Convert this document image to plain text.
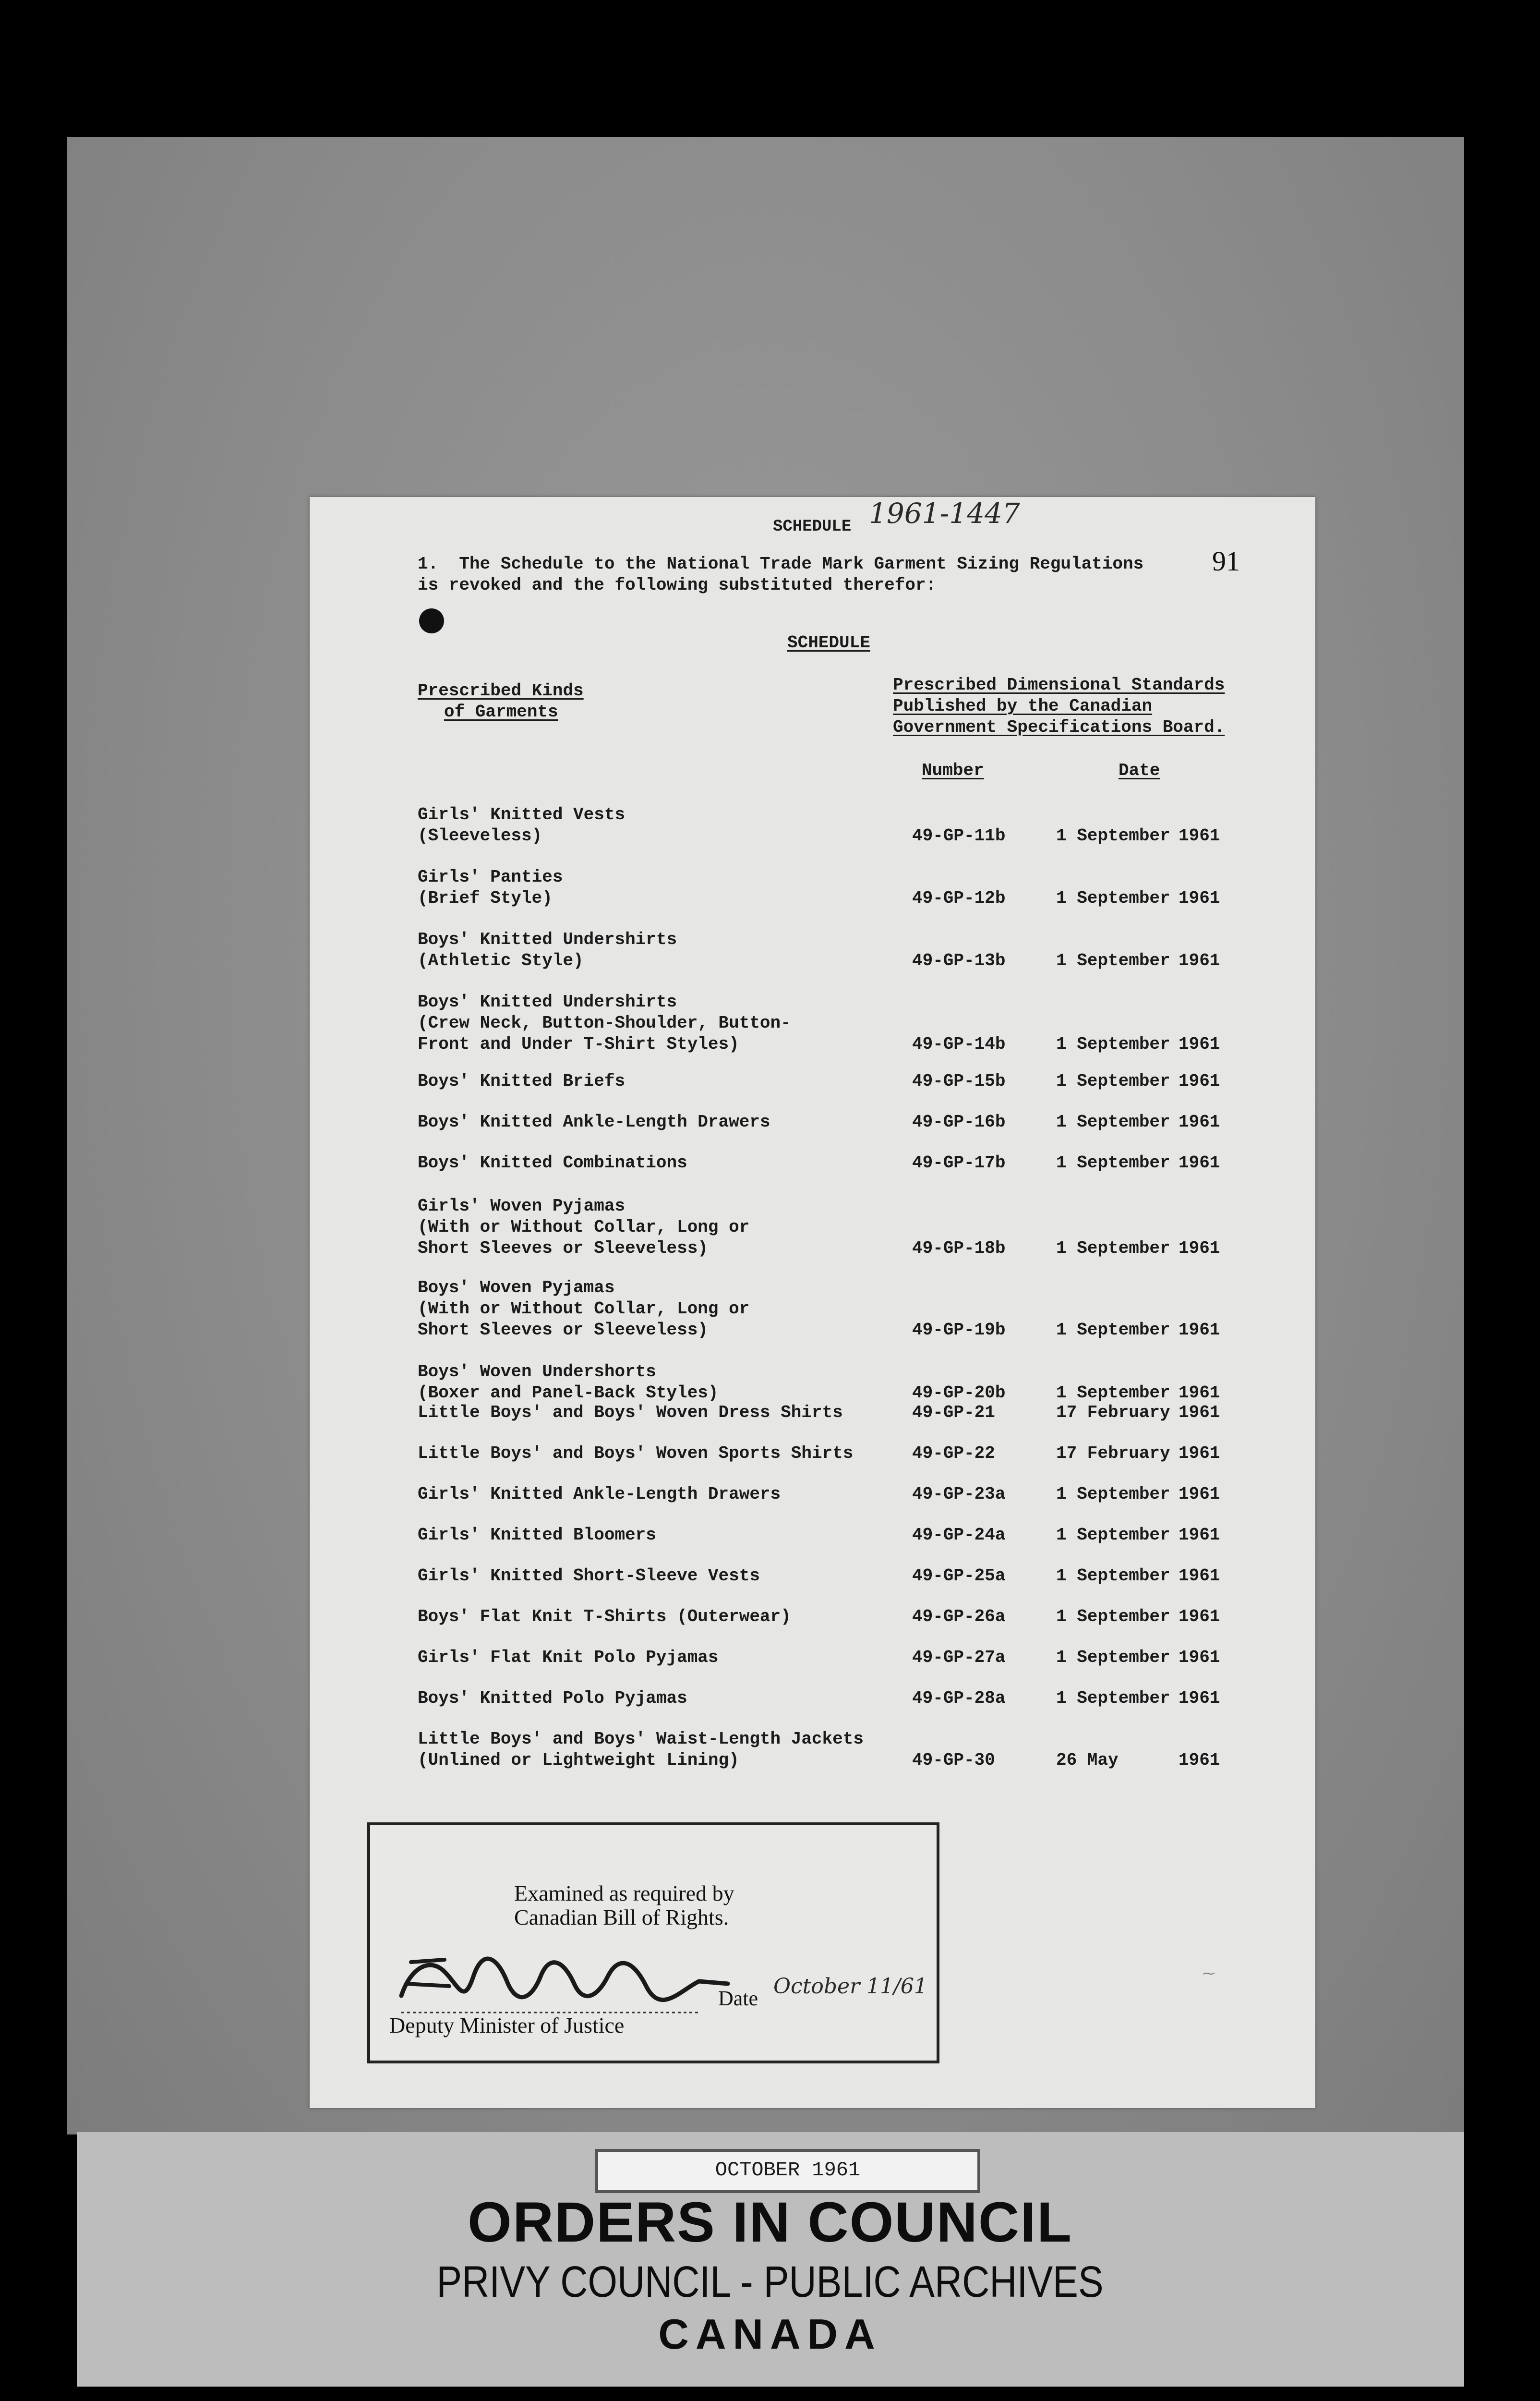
SCHEDULE 1961-1447
91
1.  The Schedule to the National Trade Mark Garment Sizing Regulations
is revoked and the following substituted therefor:
SCHEDULE
Prescribed Kinds
of Garments
Prescribed Dimensional Standards
Published by the Canadian
Government Specifications Board.
Number	Date
Girls' Knitted Vests
(Sleeveless)	49-GP-11b	1 September 1961
Girls' Panties
(Brief Style)	49-GP-12b	1 September 1961
Boys' Knitted Undershirts
(Athletic Style)	49-GP-13b	1 September 1961
Boys' Knitted Undershirts
(Crew Neck, Button-Shoulder, Button-
Front and Under T-Shirt Styles)	49-GP-14b	1 September 1961
Boys' Knitted Briefs	49-GP-15b	1 September 1961
Boys' Knitted Ankle-Length Drawers	49-GP-16b	1 September 1961
Boys' Knitted Combinations	49-GP-17b	1 September 1961
Girls' Woven Pyjamas
(With or Without Collar, Long or
Short Sleeves or Sleeveless)	49-GP-18b	1 September 1961
Boys' Woven Pyjamas
(With or Without Collar, Long or
Short Sleeves or Sleeveless)	49-GP-19b	1 September 1961
Boys' Woven Undershorts
(Boxer and Panel-Back Styles)	49-GP-20b	1 September 1961
Little Boys' and Boys' Woven Dress Shirts	49-GP-21	17 February 1961
Little Boys' and Boys' Woven Sports Shirts	49-GP-22	17 February 1961
Girls' Knitted Ankle-Length Drawers	49-GP-23a	1 September 1961
Girls' Knitted Bloomers	49-GP-24a	1 September 1961
Girls' Knitted Short-Sleeve Vests	49-GP-25a	1 September 1961
Boys' Flat Knit T-Shirts (Outerwear)	49-GP-26a	1 September 1961
Girls' Flat Knit Polo Pyjamas	49-GP-27a	1 September 1961
Boys' Knitted Polo Pyjamas	49-GP-28a	1 September 1961
Little Boys' and Boys' Waist-Length Jackets
(Unlined or Lightweight Lining)	49-GP-30	26 May	1961
⁓
Examined as required by
Canadian Bill of Rights.
Date October 11/61
Deputy Minister of Justice
OCTOBER 1961
ORDERS IN COUNCIL
PRIVY COUNCIL - PUBLIC ARCHIVES
CANADA
